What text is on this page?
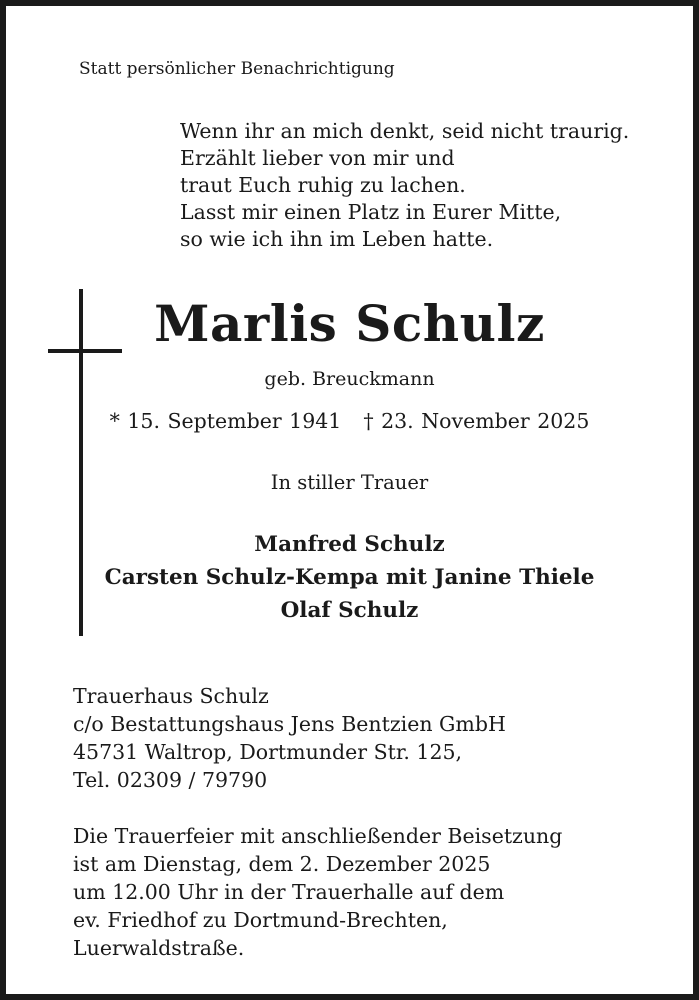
Statt persönlicher Benachrichtigung
Wenn ihr an mich denkt, seid nicht traurig.
Erzählt lieber von mir und
traut Euch ruhig zu lachen.
Lasst mir einen Platz in Eurer Mitte,
so wie ich ihn im Leben hatte.
Marlis Schulz
geb. Breuckmann
* 15. September 1941 † 23. November 2025
In stiller Trauer
Manfred Schulz
Carsten Schulz-Kempa mit Janine Thiele
Olaf Schulz
Trauerhaus Schulz
c/o Bestattungshaus Jens Bentzien GmbH
45731 Waltrop, Dortmunder Str. 125,
Tel. 02309 / 79790
Die Trauerfeier mit anschließender Beisetzung
ist am Dienstag, dem 2. Dezember 2025
um 12.00 Uhr in der Trauerhalle auf dem
ev. Friedhof zu Dortmund-Brechten,
Luerwaldstraße.
